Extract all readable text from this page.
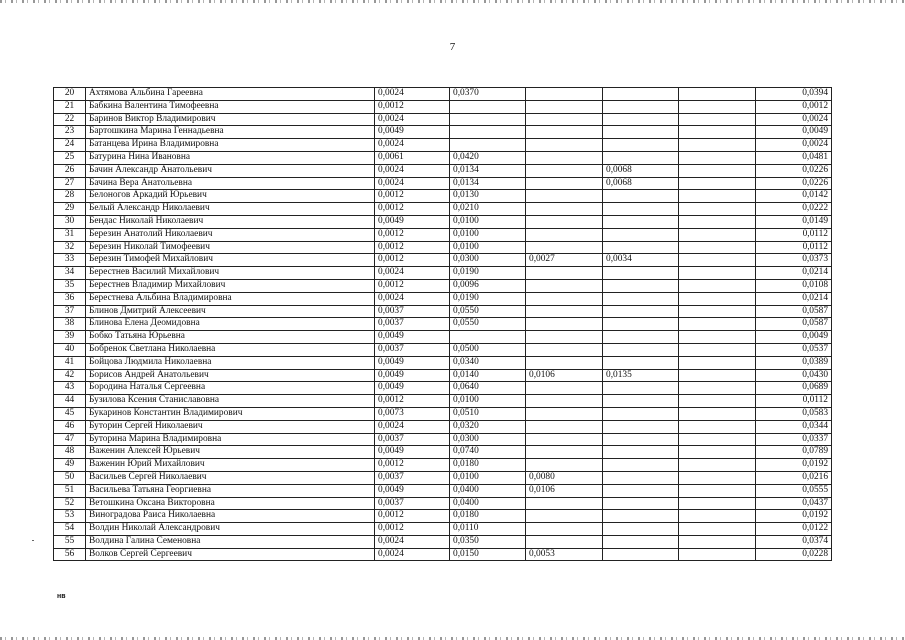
7
20	Ахтямова Альбина Гареевна	0,0024	0,0370				0,0394
21	Бабкина Валентина Тимофеевна	0,0012					0,0012
22	Баринов Виктор Владимирович	0,0024					0,0024
23	Бартошкина Марина Геннадьевна	0,0049					0,0049
24	Батанцева Ирина Владимировна	0,0024					0,0024
25	Батурина Нина Ивановна	0,0061	0,0420				0,0481
26	Бачин Александр Анатольевич	0,0024	0,0134		0,0068		0,0226
27	Бачина Вера Анатольевна	0,0024	0,0134		0,0068		0,0226
28	Белоногов Аркадий Юрьевич	0,0012	0,0130				0,0142
29	Белый Александр Николаевич	0,0012	0,0210				0,0222
30	Бендас Николай Николаевич	0,0049	0,0100				0,0149
31	Березин Анатолий Николаевич	0,0012	0,0100				0,0112
32	Березин Николай Тимофеевич	0,0012	0,0100				0,0112
33	Березин Тимофей Михайлович	0,0012	0,0300	0,0027	0,0034		0,0373
34	Берестнев Василий Михайлович	0,0024	0,0190				0,0214
35	Берестнев Владимир Михайлович	0,0012	0,0096				0,0108
36	Берестнева Альбина Владимировна	0,0024	0,0190				0,0214
37	Блинов Дмитрий Алексеевич	0,0037	0,0550				0,0587
38	Блинова Елена Деомидовна	0,0037	0,0550				0,0587
39	Бобко Татьяна Юрьевна	0,0049					0,0049
40	Бобренок Светлана Николаевна	0,0037	0,0500				0,0537
41	Бойцова Людмила Николаевна	0,0049	0,0340				0,0389
42	Борисов Андрей Анатольевич	0,0049	0,0140	0,0106	0,0135		0,0430
43	Бородина Наталья Сергеевна	0,0049	0,0640				0,0689
44	Бузилова Ксения Станиславовна	0,0012	0,0100				0,0112
45	Букаринов Константин Владимирович	0,0073	0,0510				0,0583
46	Буторин Сергей Николаевич	0,0024	0,0320				0,0344
47	Буторина Марина Владимировна	0,0037	0,0300				0,0337
48	Важенин Алексей Юрьевич	0,0049	0,0740				0,0789
49	Важенин Юрий Михайлович	0,0012	0,0180				0,0192
50	Васильев Сергей Николаевич	0,0037	0,0100	0,0080			0,0216
51	Васильева Татьяна Георгиевна	0,0049	0,0400	0,0106			0,0555
52	Ветошкина Оксана Викторовна	0,0037	0,0400				0,0437
53	Виноградова Раиса Николаевна	0,0012	0,0180				0,0192
54	Волдин Николай Александрович	0,0012	0,0110				0,0122
55	Волдина Галина Семеновна	0,0024	0,0350				0,0374
56	Волков Сергей Сергеевич	0,0024	0,0150	0,0053			0,0228
нв
